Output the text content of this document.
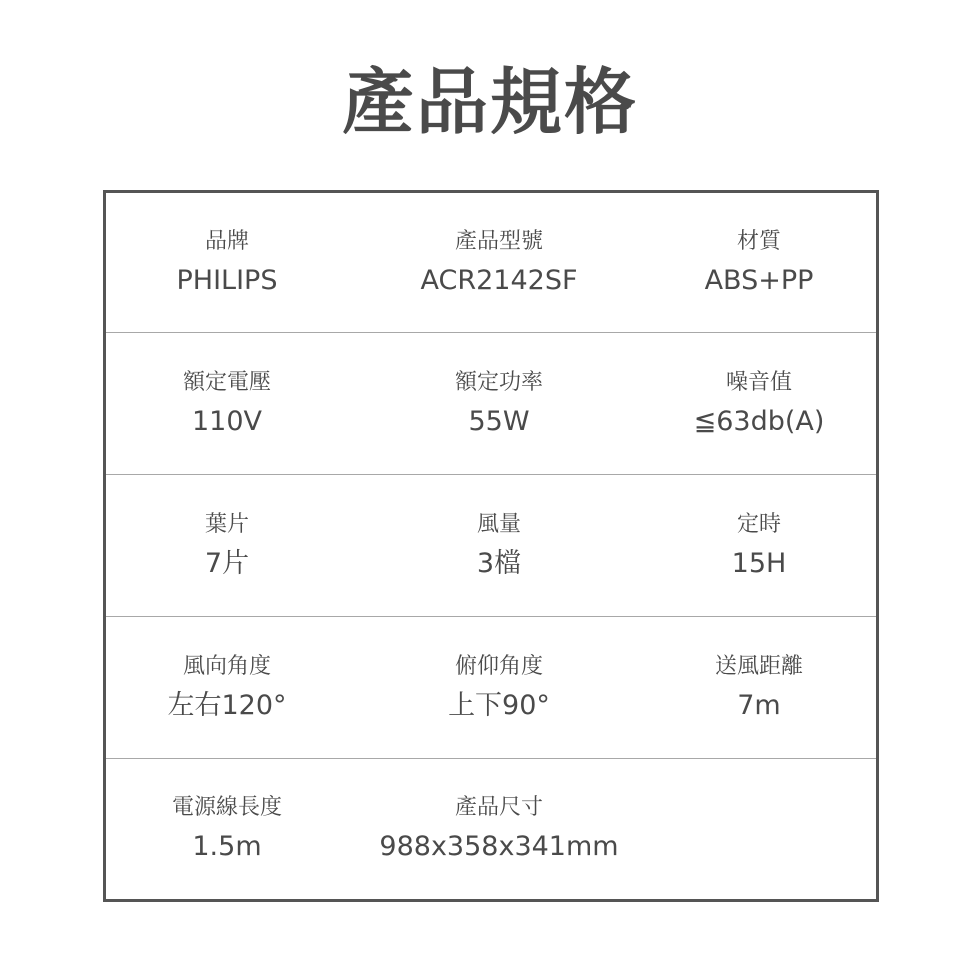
產品規格
品牌
PHILIPS
產品型號
ACR2142SF
材質
ABS+PP
額定電壓
110V
額定功率
55W
噪音值
≦63db(A)
葉片
7片
風量
3檔
定時
15H
風向角度
左右120°
俯仰角度
上下90°
送風距離
7m
電源線長度
1.5m
產品尺寸
988x358x341mm
